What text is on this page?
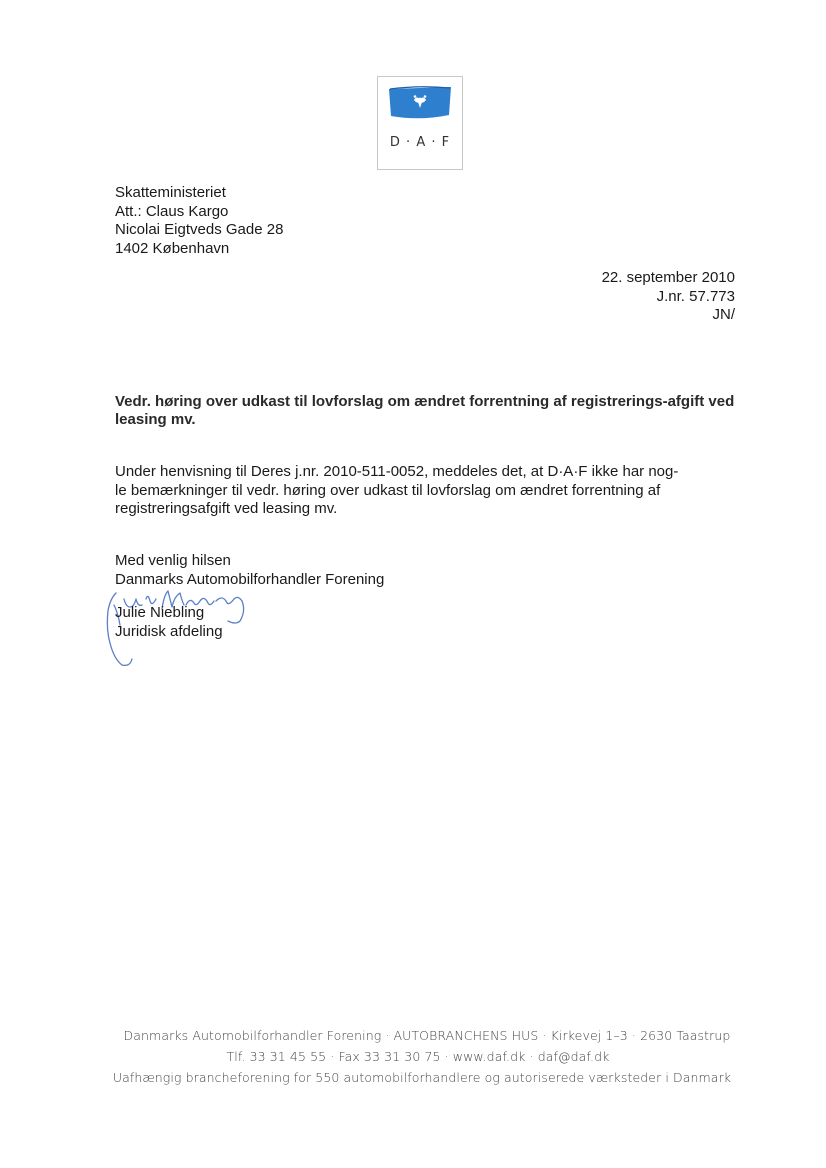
D · A · F
Skatteministeriet
Att.: Claus Kargo
Nicolai Eigtveds Gade 28
1402 København
22. september 2010
J.nr. 57.773
JN/
Vedr. høring over udkast til lovforslag om ændret forrentning af registrerings-afgift ved leasing mv.
Under henvisning til Deres j.nr. 2010-511-0052, meddeles det, at D·A·F ikke har nog-
le bemærkninger til vedr. høring over udkast til lovforslag om ændret forrentning af
registreringsafgift ved leasing mv.
Med venlig hilsen
Danmarks Automobilforhandler Forening
Julie Niebling
Juridisk afdeling
Danmarks Automobilforhandler Forening · AUTOBRANCHENS HUS · Kirkevej 1–3 · 2630 Taastrup
Tlf. 33 31 45 55 · Fax 33 31 30 75 · www.daf.dk · daf@daf.dk
Uafhængig brancheforening for 550 automobilforhandlere og autoriserede værksteder i Danmark
